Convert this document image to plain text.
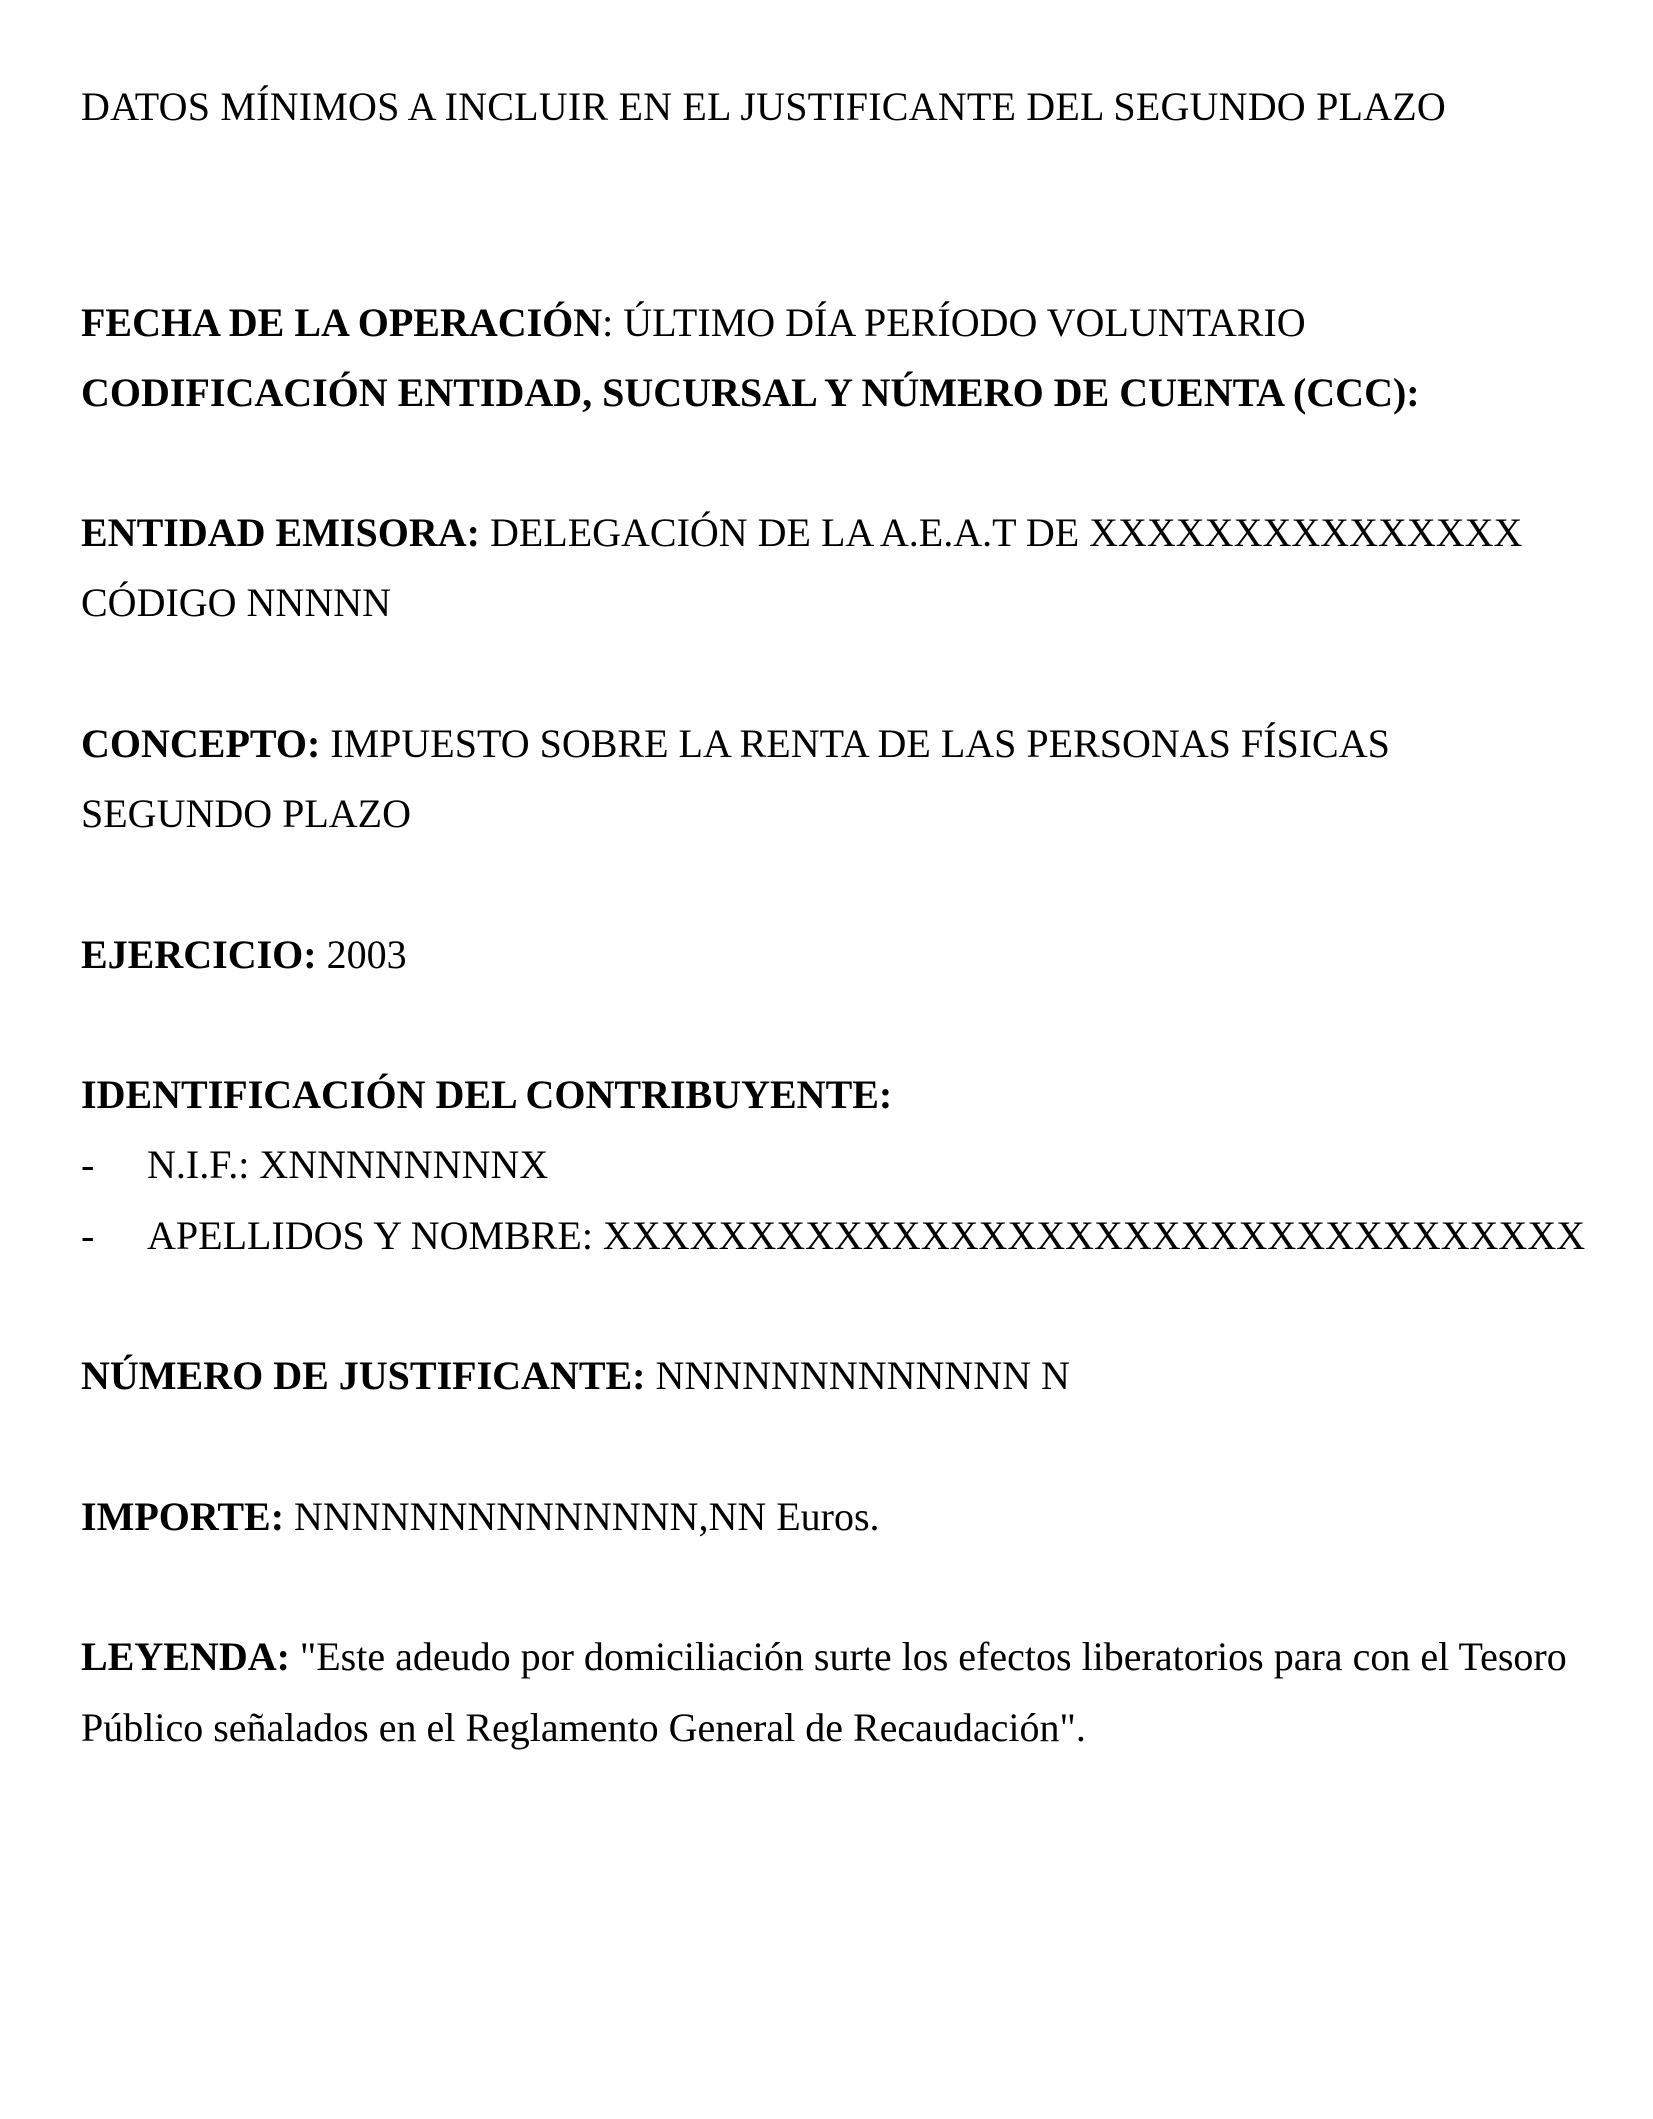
DATOS MÍNIMOS A INCLUIR EN EL JUSTIFICANTE DEL SEGUNDO PLAZO

FECHA DE LA OPERACIÓN: ÚLTIMO DÍA PERÍODO VOLUNTARIO

CODIFICACIÓN ENTIDAD, SUCURSAL Y NÚMERO DE CUENTA (CCC):

ENTIDAD EMISORA: DELEGACIÓN DE LA A.E.A.T DE XXXXXXXXXXXXXXX

CÓDIGO NNNNN

CONCEPTO: IMPUESTO SOBRE LA RENTA DE LAS PERSONAS FÍSICAS

SEGUNDO PLAZO

EJERCICIO: 2003

IDENTIFICACIÓN DEL CONTRIBUYENTE:

- N.I.F.: XNNNNNNNNX
- APELLIDOS Y NOMBRE: XXXXXXXXXXXXXXXXXXXXXXXXXXXXXXXXXX

NÚMERO DE JUSTIFICANTE: NNNNNNNNNNNNN N

IMPORTE: NNNNNNNNNNNNNN,NN Euros.

LEYENDA: "Este adeudo por domiciliación surte los efectos liberatorios para con el Tesoro

Público señalados en el Reglamento General de Recaudación".
